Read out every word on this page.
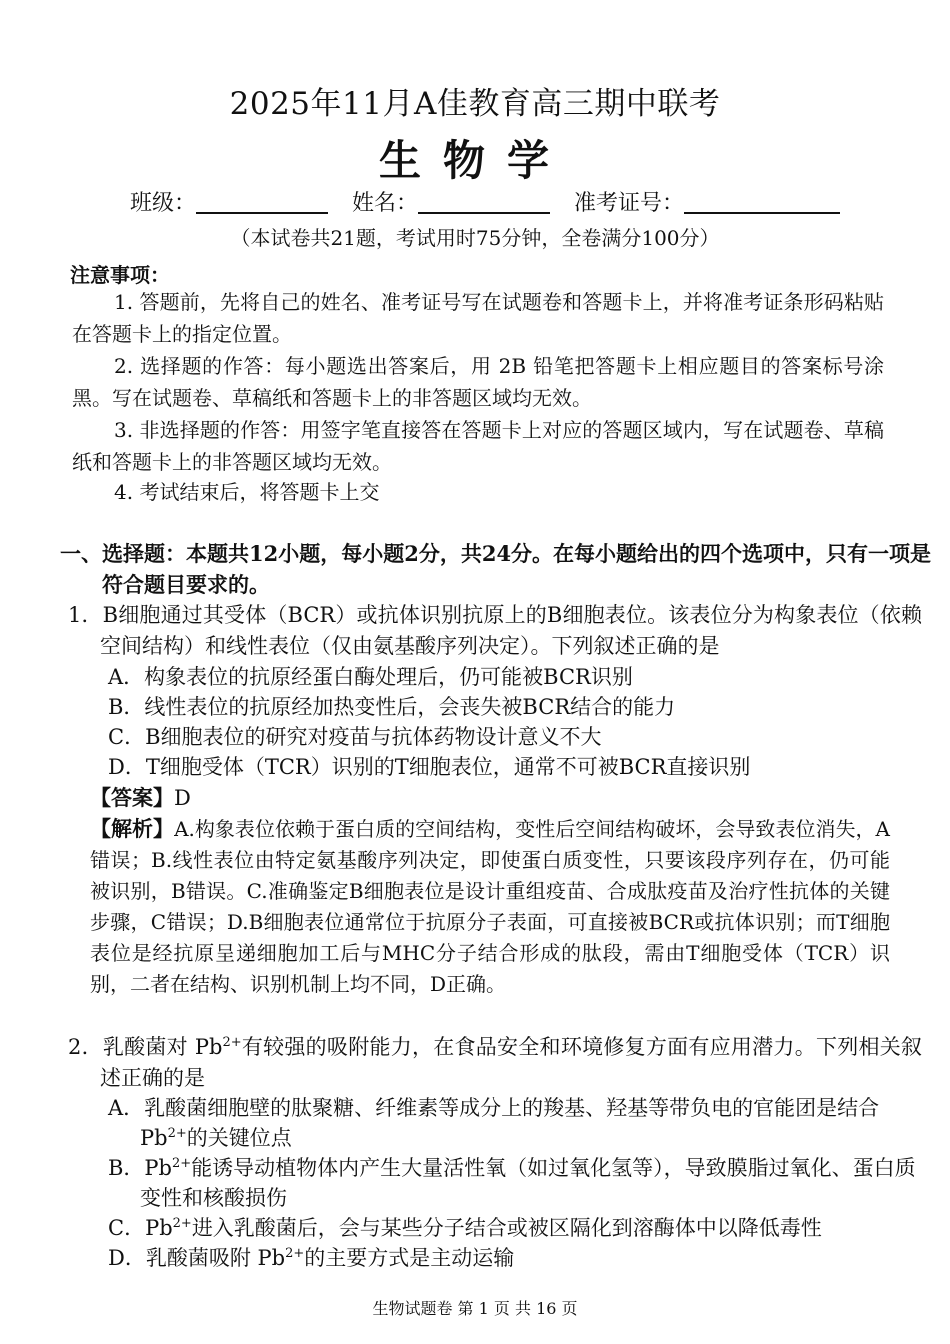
2025年11月A佳教育高三期中联考
生物学
班级：	姓名：	准考证号：
（本试卷共21题，考试用时75分钟，全卷满分100分）
注意事项：
1. 答题前，先将自己的姓名、准考证号写在试题卷和答题卡上，并将准考证条形码粘贴在答题卡上的指定位置。
2. 选择题的作答：每小题选出答案后，用 2B 铅笔把答题卡上相应题目的答案标号涂黑。写在试题卷、草稿纸和答题卡上的非答题区域均无效。
3. 非选择题的作答：用签字笔直接答在答题卡上对应的答题区域内，写在试题卷、草稿纸和答题卡上的非答题区域均无效。
4. 考试结束后，将答题卡上交
一、选择题：本题共12小题，每小题2分，共24分。在每小题给出的四个选项中，只有一项是符合题目要求的。
1．B细胞通过其受体（BCR）或抗体识别抗原上的B细胞表位。该表位分为构象表位（依赖空间结构）和线性表位（仅由氨基酸序列决定）。下列叙述正确的是
A．构象表位的抗原经蛋白酶处理后，仍可能被BCR识别
B．线性表位的抗原经加热变性后，会丧失被BCR结合的能力
C．B细胞表位的研究对疫苗与抗体药物设计意义不大
D．T细胞受体（TCR）识别的T细胞表位，通常不可被BCR直接识别
【答案】D
【解析】A.构象表位依赖于蛋白质的空间结构，变性后空间结构破坏，会导致表位消失，A错误；B.线性表位由特定氨基酸序列决定，即使蛋白质变性，只要该段序列存在，仍可能被识别，B错误。C.准确鉴定B细胞表位是设计重组疫苗、合成肽疫苗及治疗性抗体的关键步骤，C错误；D.B细胞表位通常位于抗原分子表面，可直接被BCR或抗体识别；而T细胞表位是经抗原呈递细胞加工后与MHC分子结合形成的肽段，需由T细胞受体（TCR）识别，二者在结构、识别机制上均不同，D正确。
2．乳酸菌对 $Pb^{2+}$有较强的吸附能力，在食品安全和环境修复方面有应用潜力。下列相关叙述正确的是
A．乳酸菌细胞壁的肽聚糖、纤维素等成分上的羧基、羟基等带负电的官能团是结合 $Pb^{2+}$的关键位点
B．$Pb^{2+}$能诱导动植物体内产生大量活性氧（如过氧化氢等），导致膜脂过氧化、蛋白质变性和核酸损伤
C．$Pb^{2+}$进入乳酸菌后，会与某些分子结合或被区隔化到溶酶体中以降低毒性
D．乳酸菌吸附 $Pb^{2+}$的主要方式是主动运输
生物试题卷 第 1 页 共 16 页
